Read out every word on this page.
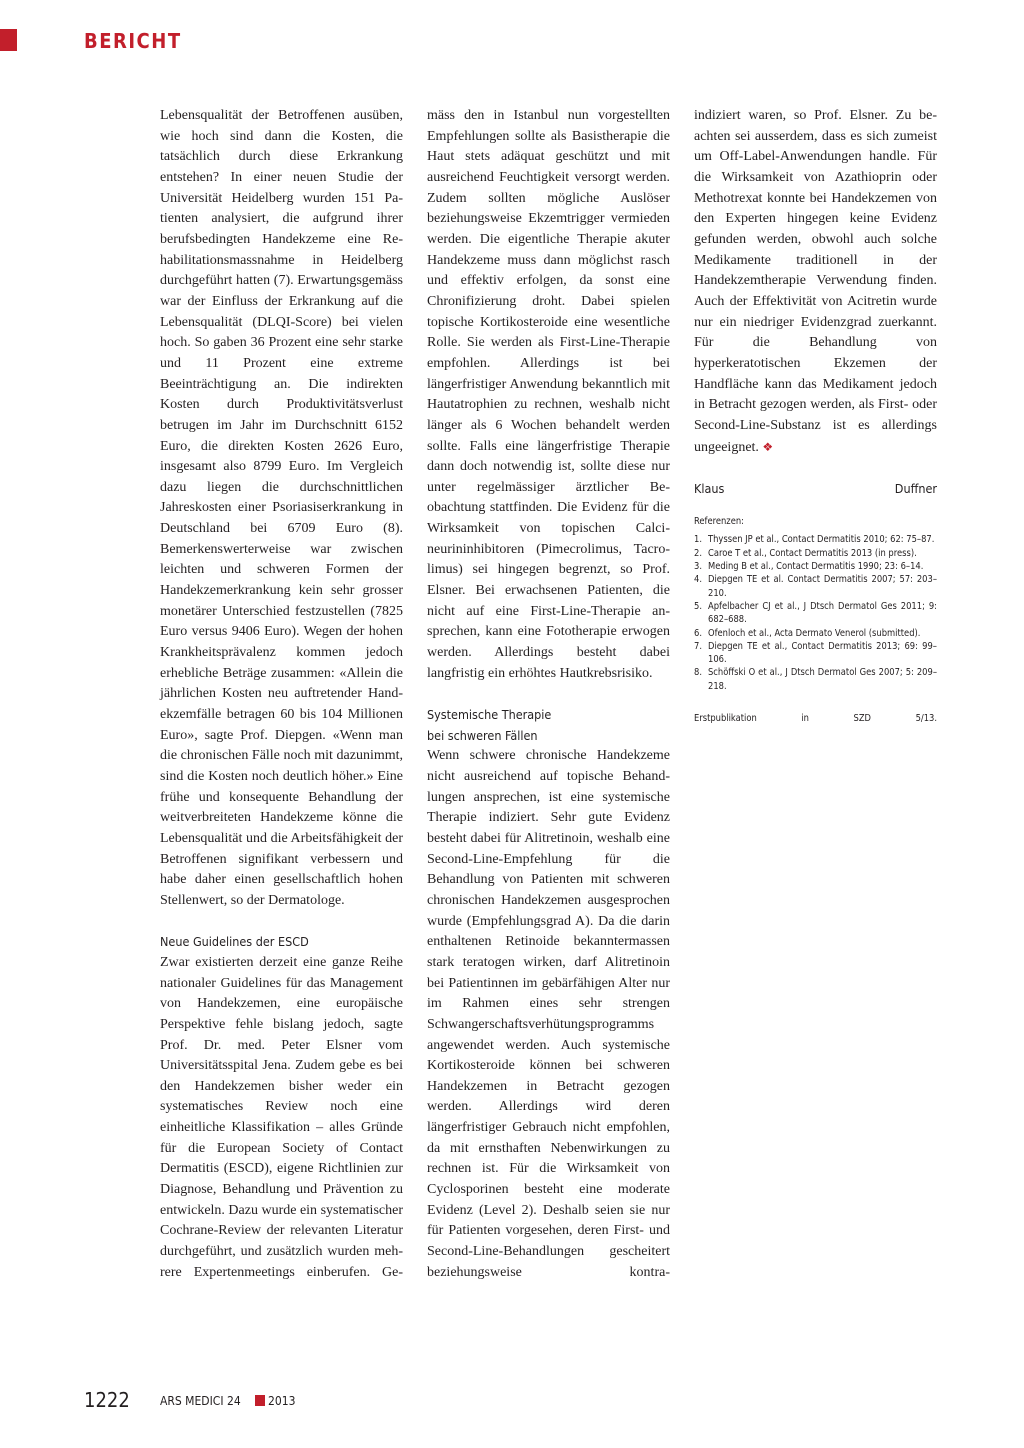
BERICHT

Lebensqualität der Betroffenen ausüben, wie hoch sind dann die Kosten, die tatsächlich durch diese Erkrankung entstehen? In einer neuen Studie der Universität Heidelberg wurden 151 Patienten analysiert, die aufgrund ihrer berufsbedingten Handekzeme eine Rehabilitationsmassnahme in Heidelberg durchgeführt hatten (7). Erwartungsgemäss war der Einfluss der Erkrankung auf die Lebensqualität (DLQI-Score) bei vielen hoch. So gaben 36 Prozent eine sehr starke und 11 Prozent eine extreme Beeinträchtigung an. Die indirekten Kosten durch Produktivitätsverlust betrugen im Jahr im Durchschnitt 6152 Euro, die direkten Kosten 2626 Euro, insgesamt also 8799 Euro. Im Vergleich dazu liegen die durchschnittlichen Jahreskosten einer Psoriasiserkrankung in Deutschland bei 6709 Euro (8). Bemerkenswerterweise war zwischen leichten und schweren Formen der Handekzemerkrankung kein sehr grosser monetärer Unterschied festzustellen (7825 Euro versus 9406 Euro). Wegen der hohen Krankheitsprävalenz kommen jedoch erhebliche Beträge zusammen: «Allein die jährlichen Kosten neu auftretender Handekzemfälle betragen 60 bis 104 Millionen Euro», sagte Prof. Diepgen. «Wenn man die chronischen Fälle noch mit dazunimmt, sind die Kosten noch deutlich höher.» Eine frühe und konsequente Behandlung der weitverbreiteten Handekzeme könne die Lebensqualität und die Arbeitsfähigkeit der Betroffenen signifikant verbessern und habe daher einen gesellschaftlich hohen Stellenwert, so der Dermatologe.

Neue Guidelines der ESCD

Zwar existierten derzeit eine ganze Reihe nationaler Guidelines für das Management von Handekzemen, eine europäische Perspektive fehle bislang jedoch, sagte Prof. Dr. med. Peter Elsner vom Universitätsspital Jena. Zudem gebe es bei den Handekzemen bisher weder ein systematisches Review noch eine einheitliche Klassifikation – alles Gründe für die European Society of Contact Dermatitis (ESCD), eigene Richtlinien zur Diagnose, Behandlung und Prävention zu entwickeln. Dazu wurde ein systematischer Cochrane-Review der relevanten Literatur durchgeführt, und zusätzlich wurden mehrere Expertenmeetings einberufen. Ge-

mäss den in Istanbul nun vorgestellten Empfehlungen sollte als Basistherapie die Haut stets adäquat geschützt und mit ausreichend Feuchtigkeit versorgt werden. Zudem sollten mögliche Auslöser beziehungsweise Ekzemtrigger vermieden werden. Die eigentliche Therapie akuter Handekzeme muss dann möglichst rasch und effektiv erfolgen, da sonst eine Chronifizierung droht. Dabei spielen topische Kortikosteroide eine wesentliche Rolle. Sie werden als First-Line-Therapie empfohlen. Allerdings ist bei längerfristiger Anwendung bekanntlich mit Hautatrophien zu rechnen, weshalb nicht länger als 6 Wochen behandelt werden sollte. Falls eine längerfristige Therapie dann doch notwendig ist, sollte diese nur unter regelmässiger ärztlicher Beobachtung stattfinden. Die Evidenz für die Wirksamkeit von topischen Calcineurininhibitoren (Pimecrolimus, Tacrolimus) sei hingegen begrenzt, so Prof. Elsner. Bei erwachsenen Patienten, die nicht auf eine First-Line-Therapie ansprechen, kann eine Fototherapie erwogen werden. Allerdings besteht dabei langfristig ein erhöhtes Hautkrebsrisiko.

Systemische Therapie
bei schweren Fällen

Wenn schwere chronische Handekzeme nicht ausreichend auf topische Behandlungen ansprechen, ist eine systemische Therapie indiziert. Sehr gute Evidenz besteht dabei für Alitretinoin, weshalb eine Second-Line-Empfehlung für die Behandlung von Patienten mit schweren chronischen Handekzemen ausgesprochen wurde (Empfehlungsgrad A). Da die darin enthaltenen Retinoide bekanntermassen stark teratogen wirken, darf Alitretinoin bei Patientinnen im gebärfähigen Alter nur im Rahmen eines sehr strengen Schwangerschaftsverhütungsprogramms angewendet werden. Auch systemische Kortikosteroide können bei schweren Handekzemen in Betracht gezogen werden. Allerdings wird deren längerfristiger Gebrauch nicht empfohlen, da mit ernsthaften Nebenwirkungen zu rechnen ist. Für die Wirksamkeit von Cyclosporinen besteht eine moderate Evidenz (Level 2). Deshalb seien sie nur für Patienten vorgesehen, deren First- und Second-Line-Behandlungen gescheitert beziehungsweise kontra-

indiziert waren, so Prof. Elsner. Zu beachten sei ausserdem, dass es sich zumeist um Off-Label-Anwendungen handle. Für die Wirksamkeit von Azathioprin oder Methotrexat konnte bei Handekzemen von den Experten hingegen keine Evidenz gefunden werden, obwohl auch solche Medikamente traditionell in der Handekzemtherapie Verwendung finden. Auch der Effektivität von Acitretin wurde nur ein niedriger Evidenzgrad zuerkannt. Für die Behandlung von hyperkeratotischen Ekzemen der Handfläche kann das Medikament jedoch in Betracht gezogen werden, als First- oder Second-Line-Substanz ist es allerdings ungeeignet. ❖

Klaus Duffner

Referenzen:

1. Thyssen JP et al., Contact Dermatitis 2010; 62: 75–87.
2. Caroe T et al., Contact Dermatitis 2013 (in press).
3. Meding B et al., Contact Dermatitis 1990; 23: 6–14.
4. Diepgen TE et al. Contact Dermatitis 2007; 57: 203–210.
5. Apfelbacher CJ et al., J Dtsch Dermatol Ges 2011; 9: 682–688.
6. Ofenloch et al., Acta Dermato Venerol (submitted).
7. Diepgen TE et al., Contact Dermatitis 2013; 69: 99–106.
8. Schöffski O et al., J Dtsch Dermatol Ges 2007; 5: 209–218.

Erstpublikation in SZD 5/13.

1222	ARS MEDICI 24 2013
